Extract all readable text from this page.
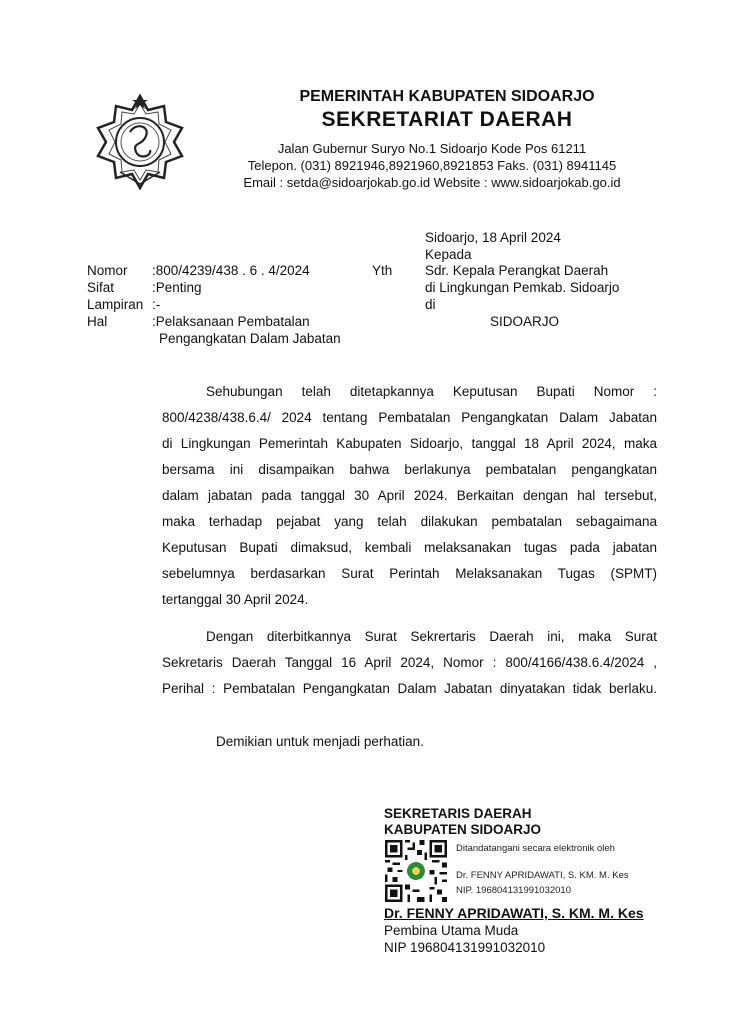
PEMERINTAH KABUPATEN SIDOARJO
SEKRETARIAT DAERAH
Jalan Gubernur Suryo No.1 Sidoarjo Kode Pos 61211
Telepon. (031) 8921946,8921960,8921853 Faks. (031) 8941145
Email : setda@sidoarjokab.go.id Website : www.sidoarjokab.go.id
Sidoarjo, 18 April 2024
Kepada
Yth Sdr. Kepala Perangkat Daerah
di Lingkungan Pemkab. Sidoarjo
di
SIDOARJO
Nomor :800/4239/438 . 6 . 4/2024
Sifat	:Penting
Lampiran :-
Hal	:Pelaksanaan Pembatalan
Pengangkatan Dalam Jabatan
Sehubungan telah ditetapkannya Keputusan Bupati Nomor :
800/4238/438.6.4/ 2024 tentang Pembatalan Pengangkatan Dalam Jabatan
di Lingkungan Pemerintah Kabupaten Sidoarjo, tanggal 18 April 2024, maka
bersama ini disampaikan bahwa berlakunya pembatalan pengangkatan
dalam jabatan pada tanggal 30 April 2024. Berkaitan dengan hal tersebut,
maka terhadap pejabat yang telah dilakukan pembatalan sebagaimana
Keputusan Bupati dimaksud, kembali melaksanakan tugas pada jabatan
sebelumnya berdasarkan Surat Perintah Melaksanakan Tugas (SPMT)
tertanggal 30 April 2024.
Dengan diterbitkannya Surat Sekrertaris Daerah ini, maka Surat
Sekretaris Daerah Tanggal 16 April 2024, Nomor : 800/4166/438.6.4/2024 ,
Perihal : Pembatalan Pengangkatan Dalam Jabatan dinyatakan tidak berlaku.
Demikian untuk menjadi perhatian.
SEKRETARIS DAERAH
KABUPATEN SIDOARJO
Ditandatangani secara elektronik oleh
Dr. FENNY APRIDAWATI, S. KM. M. Kes
NIP. 196804131991032010
Dr. FENNY APRIDAWATI, S. KM. M. Kes
Pembina Utama Muda
NIP 196804131991032010
